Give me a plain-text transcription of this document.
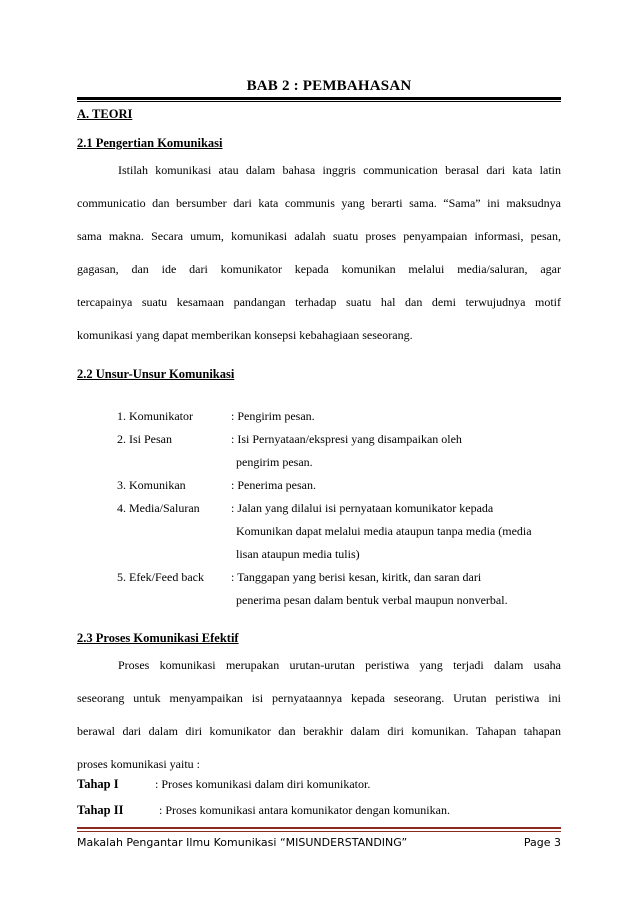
BAB 2 : PEMBAHASAN
A. TEORI
2.1 Pengertian Komunikasi
Istilah komunikasi atau dalam bahasa inggris communication berasal dari kata latin
communicatio dan bersumber dari kata communis yang berarti sama. “Sama” ini maksudnya
sama makna. Secara umum, komunikasi adalah suatu proses penyampaian informasi, pesan,
gagasan, dan ide dari komunikator kepada komunikan melalui media/saluran, agar
tercapainya suatu kesamaan pandangan terhadap suatu hal dan demi terwujudnya motif
komunikasi yang dapat memberikan konsepsi kebahagiaan seseorang.
2.2 Unsur-Unsur Komunikasi
1. Komunikator	: Pengirim pesan.
2. Isi Pesan	: Isi Pernyataan/ekspresi yang disampaikan oleh
pengirim pesan.
3. Komunikan	: Penerima pesan.
4. Media/Saluran	: Jalan yang dilalui isi pernyataan komunikator kepada
Komunikan dapat melalui media ataupun tanpa media (media
lisan ataupun media tulis)
5. Efek/Feed back : Tanggapan yang berisi kesan, kiritk, dan saran dari
penerima pesan dalam bentuk verbal maupun nonverbal.
2.3 Proses Komunikasi Efektif
Proses komunikasi merupakan urutan-urutan peristiwa yang terjadi dalam usaha
seseorang untuk menyampaikan isi pernyataannya kepada seseorang. Urutan peristiwa ini
berawal dari dalam diri komunikator dan berakhir dalam diri komunikan. Tahapan tahapan
proses komunikasi yaitu :
Tahap I	: Proses komunikasi dalam diri komunikator.
Tahap II	: Proses komunikasi antara komunikator dengan komunikan.
Makalah Pengantar Ilmu Komunikasi “MISUNDERSTANDING”	Page 3
